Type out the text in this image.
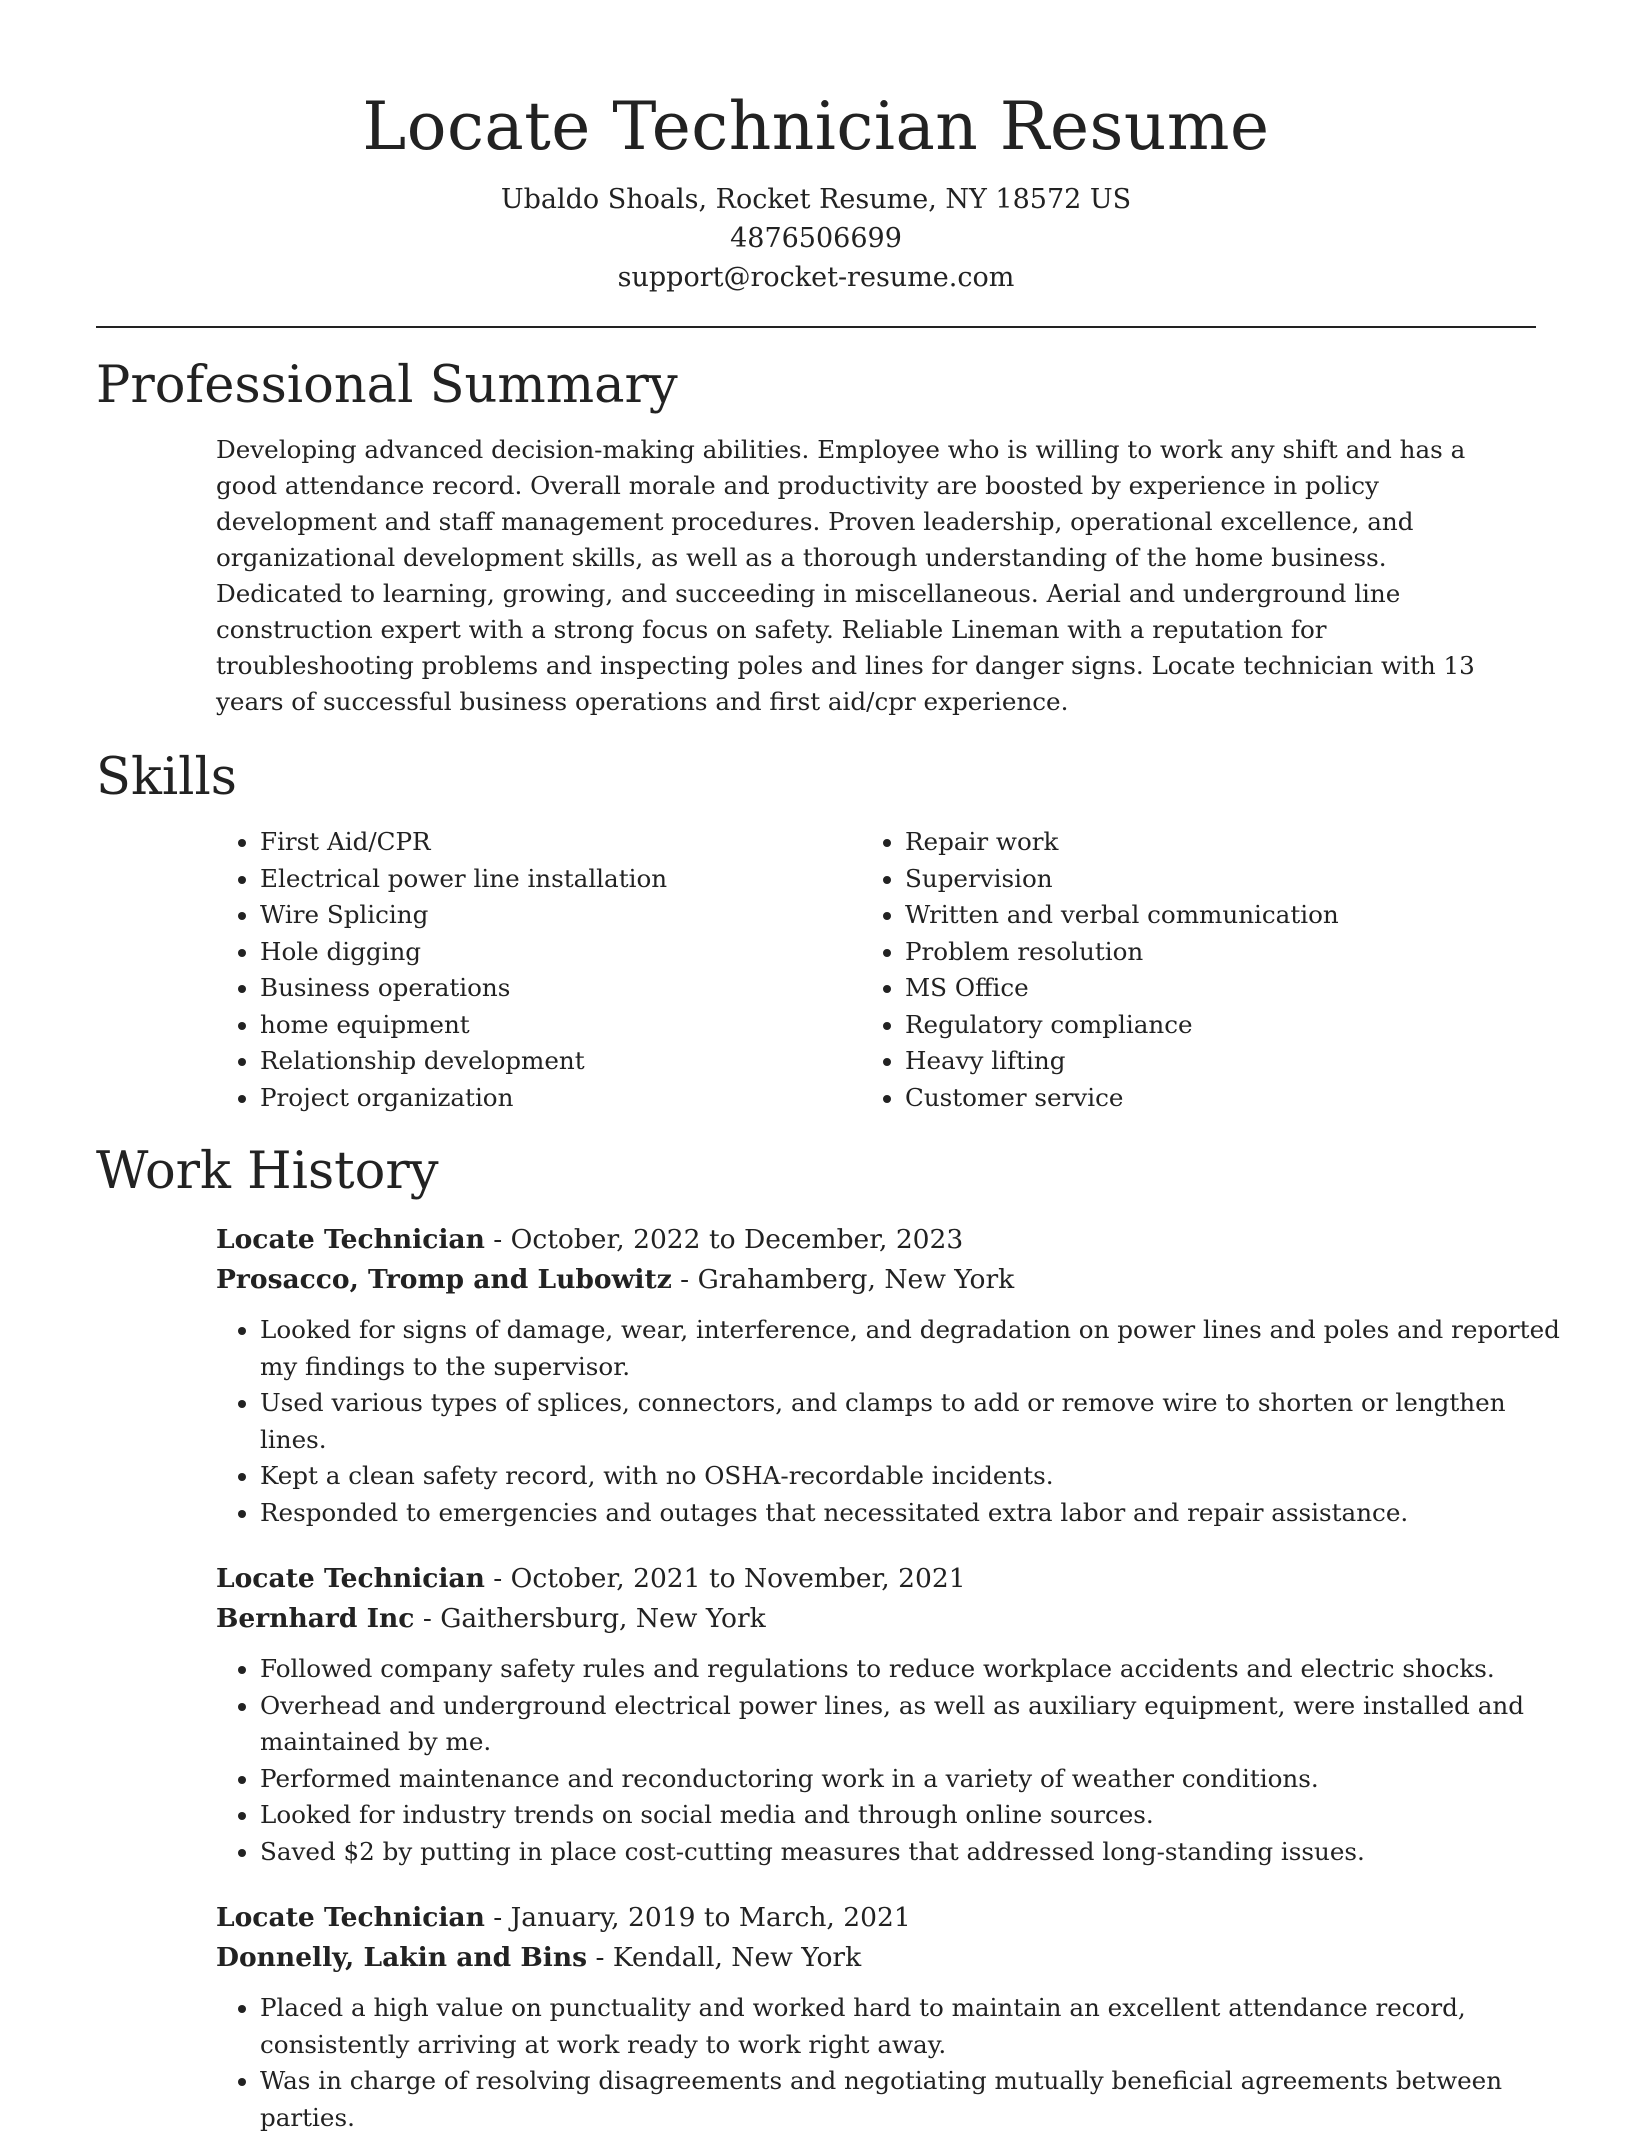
Locate Technician Resume
Ubaldo Shoals, Rocket Resume, NY 18572 US
4876506699
support@rocket-resume.com
Professional Summary

Developing advanced decision-making abilities. Employee who is willing to work any shift and has a good attendance record. Overall morale and productivity are boosted by experience in policy development and staff management procedures. Proven leadership, operational excellence, and organizational development skills, as well as a thorough understanding of the home business. Dedicated to learning, growing, and succeeding in miscellaneous. Aerial and underground line construction expert with a strong focus on safety. Reliable Lineman with a reputation for troubleshooting problems and inspecting poles and lines for danger signs. Locate technician with 13 years of successful business operations and first aid/cpr experience.

Skills
• First Aid/CPR
• Electrical power line installation
• Wire Splicing
• Hole digging
• Business operations
• home equipment
• Relationship development
• Project organization
• Repair work
• Supervision
• Written and verbal communication
• Problem resolution
• MS Office
• Regulatory compliance
• Heavy lifting
• Customer service
Work History
Locate Technician - October, 2022 to December, 2023
Prosacco, Tromp and Lubowitz - Grahamberg, New York
• Looked for signs of damage, wear, interference, and degradation on power lines and poles and reported my findings to the supervisor.
• Used various types of splices, connectors, and clamps to add or remove wire to shorten or lengthen lines.
• Kept a clean safety record, with no OSHA-recordable incidents.
• Responded to emergencies and outages that necessitated extra labor and repair assistance.
Locate Technician - October, 2021 to November, 2021
Bernhard Inc - Gaithersburg, New York
• Followed company safety rules and regulations to reduce workplace accidents and electric shocks.
• Overhead and underground electrical power lines, as well as auxiliary equipment, were installed and maintained by me.
• Performed maintenance and reconductoring work in a variety of weather conditions.
• Looked for industry trends on social media and through online sources.
• Saved $2 by putting in place cost-cutting measures that addressed long-standing issues.
Locate Technician - January, 2019 to March, 2021
Donnelly, Lakin and Bins - Kendall, New York
• Placed a high value on punctuality and worked hard to maintain an excellent attendance record, consistently arriving at work ready to work right away.
• Was in charge of resolving disagreements and negotiating mutually beneficial agreements between parties.
